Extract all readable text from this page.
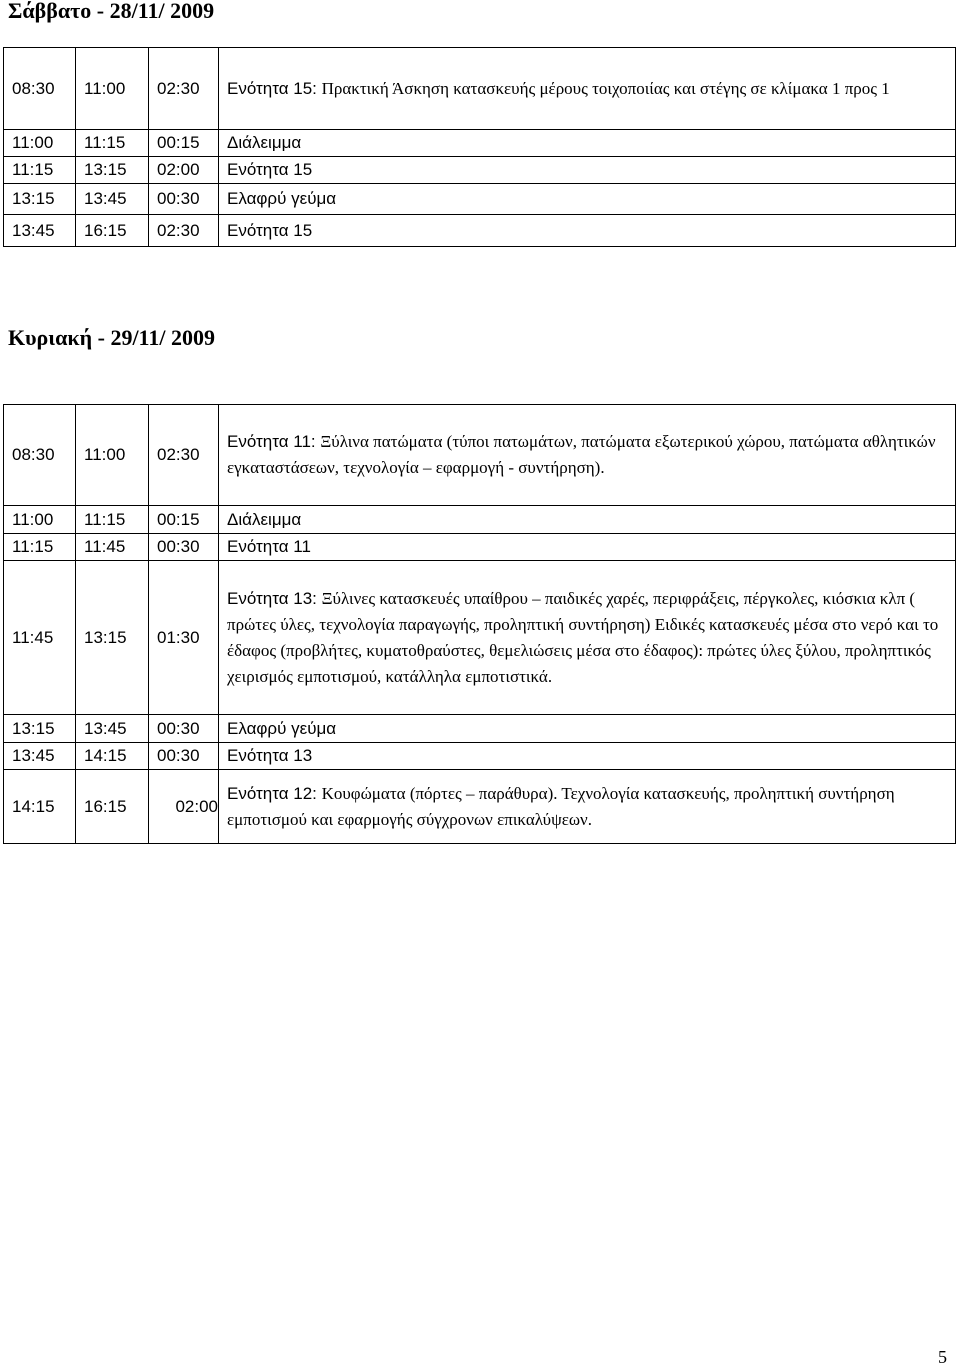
Σάββατο - 28/11/ 2009
08:30	11:00	02:30	Ενότητα 15: Πρακτική Άσκηση κατασκευής μέρους τοιχοποιίας και στέγης σε κλίμακα 1 προς 1
11:00	11:15	00:15	Διάλειμμα
11:15	13:15	02:00	Ενότητα 15
13:15	13:45	00:30	Ελαφρύ γεύμα
13:45	16:15	02:30	Ενότητα 15
Κυριακή - 29/11/ 2009
08:30	11:00	02:30	Ενότητα 11: Ξύλινα πατώματα (τύποι πατωμάτων, πατώματα εξωτερικού χώρου, πατώματα αθλητικών εγκαταστάσεων, τεχνολογία – εφαρμογή - συντήρηση).
11:00	11:15	00:15	Διάλειμμα
11:15	11:45	00:30	Ενότητα 11
11:45	13:15	01:30	Ενότητα 13: Ξύλινες κατασκευές υπαίθρου – παιδικές χαρές, περιφράξεις, πέργκολες, κιόσκια κλπ ( πρώτες ύλες, τεχνολογία παραγωγής, προληπτική συντήρηση) Ειδικές κατασκευές μέσα στο νερό και το έδαφος (προβλήτες, κυματοθραύστες, θεμελιώσεις μέσα στο έδαφος): πρώτες ύλες ξύλου, προληπτικός χειρισμός εμποτισμού, κατάλληλα εμποτιστικά.
13:15	13:45	00:30	Ελαφρύ γεύμα
13:45	14:15	00:30	Ενότητα 13
14:15	16:15	02:00	Ενότητα 12: Κουφώματα (πόρτες – παράθυρα). Τεχνολογία κατασκευής, προληπτική συντήρηση εμποτισμού και εφαρμογής σύγχρονων επικαλύψεων.
5
